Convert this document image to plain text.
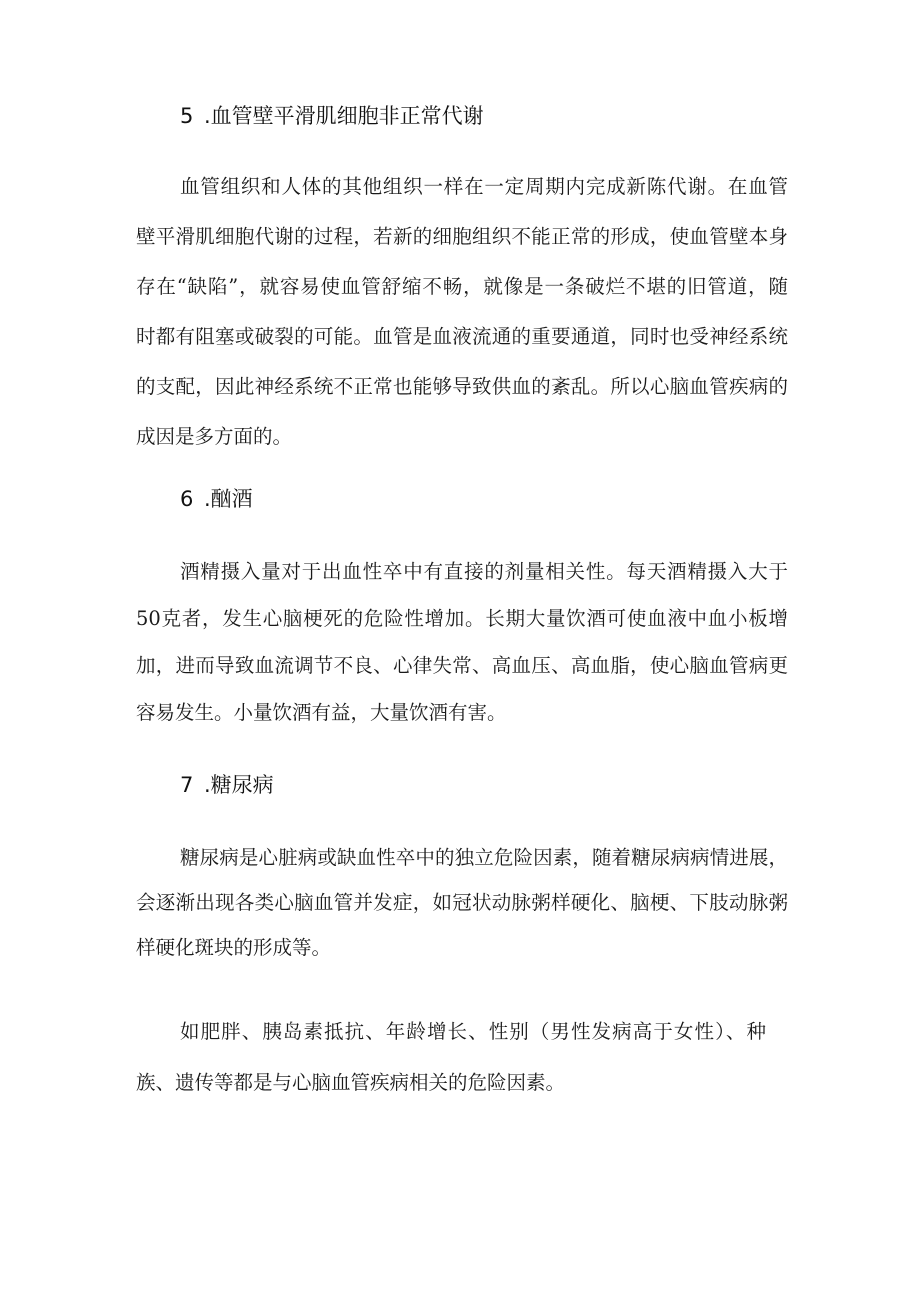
5 .血管壁平滑肌细胞非正常代谢
血管组织和人体的其他组织一样在一定周期内完成新陈代谢。在血管
壁平滑肌细胞代谢的过程，若新的细胞组织不能正常的形成，使血管壁本身
存在“缺陷”，就容易使血管舒缩不畅，就像是一条破烂不堪的旧管道，随
时都有阻塞或破裂的可能。血管是血液流通的重要通道，同时也受神经系统
的支配，因此神经系统不正常也能够导致供血的紊乱。所以心脑血管疾病的
成因是多方面的。
6 .酗酒
酒精摄入量对于出血性卒中有直接的剂量相关性。每天酒精摄入大于
50克者，发生心脑梗死的危险性增加。长期大量饮酒可使血液中血小板增
加，进而导致血流调节不良、心律失常、高血压、高血脂，使心脑血管病更
容易发生。小量饮酒有益，大量饮酒有害。
7 .糖尿病
糖尿病是心脏病或缺血性卒中的独立危险因素，随着糖尿病病情进展，
会逐渐出现各类心脑血管并发症，如冠状动脉粥样硬化、脑梗、下肢动脉粥
样硬化斑块的形成等。
如肥胖、胰岛素抵抗、年龄增长、性别（男性发病高于女性）、种
族、遗传等都是与心脑血管疾病相关的危险因素。
